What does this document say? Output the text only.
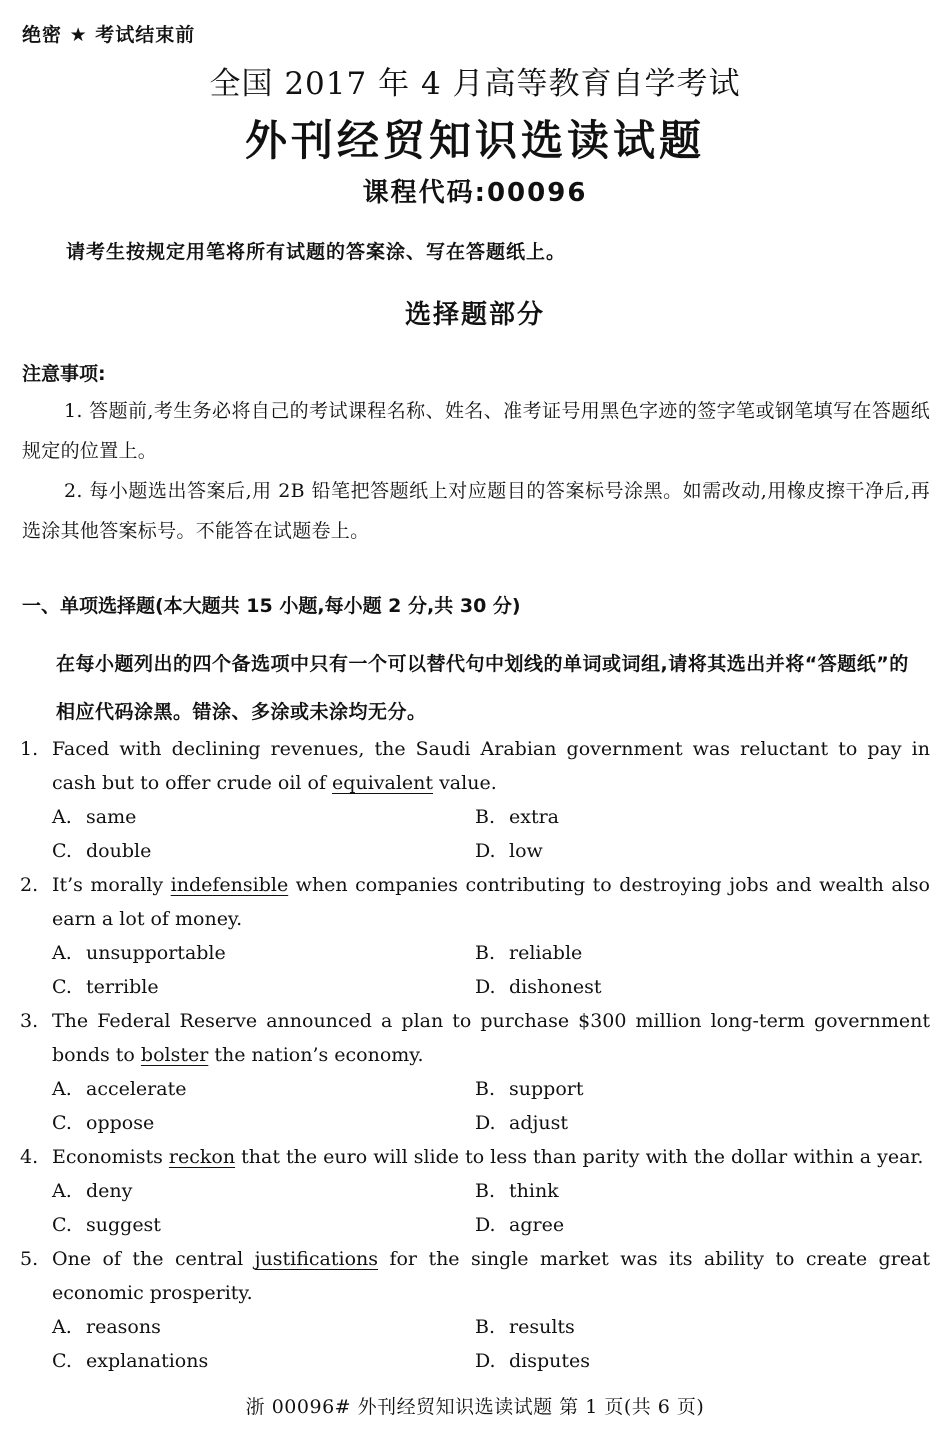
绝密 ★ 考试结束前
全国 2017 年 4 月高等教育自学考试
外刊经贸知识选读试题
课程代码:00096
请考生按规定用笔将所有试题的答案涂、写在答题纸上。
选择题部分
注意事项:
1. 答题前,考生务必将自己的考试课程名称、姓名、准考证号用黑色字迹的签字笔或钢笔填写在答题纸规定的位置上。
2. 每小题选出答案后,用 2B 铅笔把答题纸上对应题目的答案标号涂黑。如需改动,用橡皮擦干净后,再选涂其他答案标号。不能答在试题卷上。
一、单项选择题(本大题共 15 小题,每小题 2 分,共 30 分)
在每小题列出的四个备选项中只有一个可以替代句中划线的单词或词组,请将其选出并将“答题纸”的相应代码涂黑。错涂、多涂或未涂均无分。
1. Faced with declining revenues, the Saudi Arabian government was reluctant to pay in cash but to offer crude oil of equivalent value.
A. same	B. extra
C. double	D. low
2. It’s morally indefensible when companies contributing to destroying jobs and wealth also earn a lot of money.
A. unsupportable	B. reliable
C. terrible	D. dishonest
3. The Federal Reserve announced a plan to purchase $300 million long-term government bonds to bolster the nation’s economy.
A. accelerate	B. support
C. oppose	D. adjust
4. Economists reckon that the euro will slide to less than parity with the dollar within a year.
A. deny	B. think
C. suggest	D. agree
5. One of the central justifications for the single market was its ability to create great economic prosperity.
A. reasons	B. results
C. explanations	D. disputes
浙 00096# 外刊经贸知识选读试题 第 1 页(共 6 页)
